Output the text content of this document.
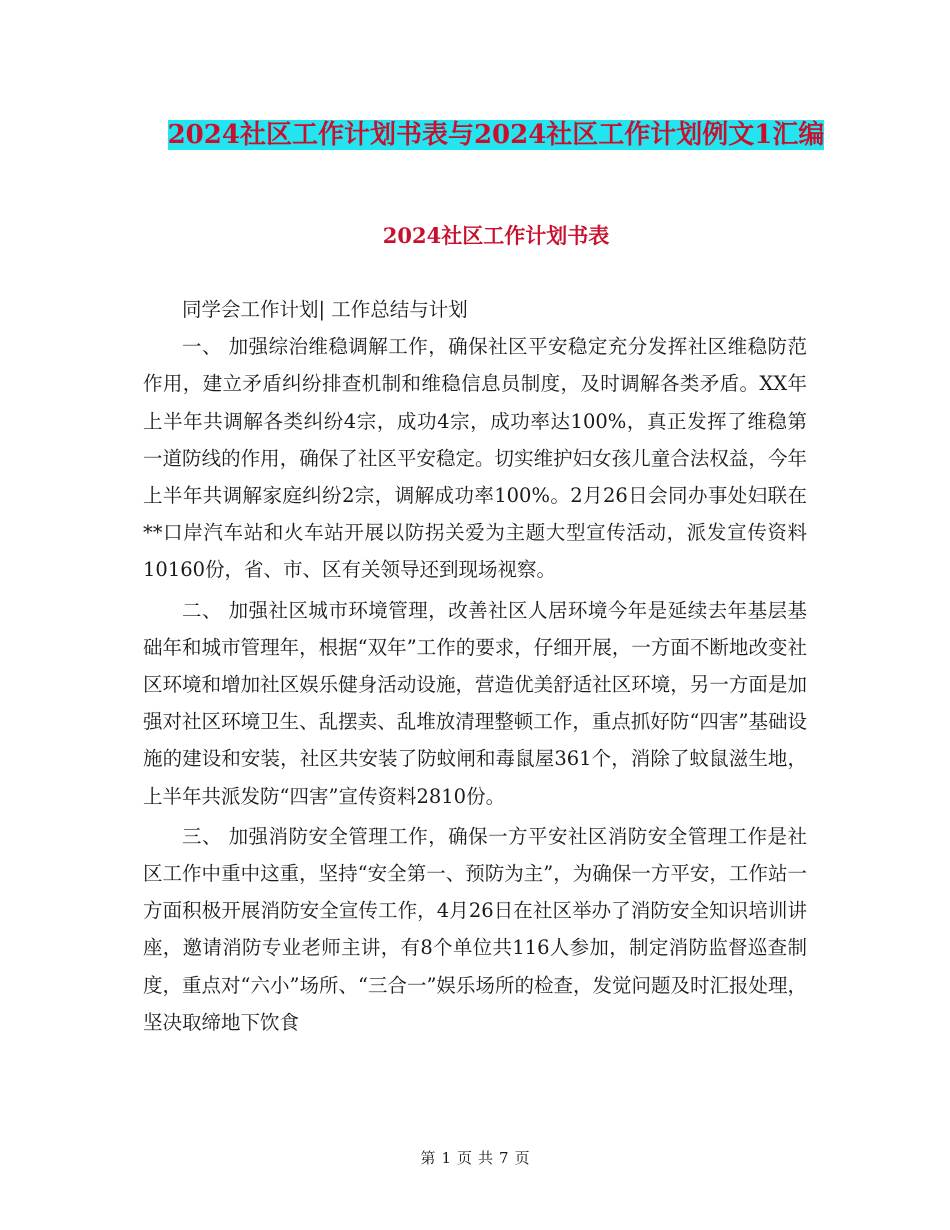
2024社区工作计划书表与2024社区工作计划例文1汇编
2024社区工作计划书表

同学会工作计划| 工作总结与计划

一、 加强综治维稳调解工作，确保社区平安稳定充分发挥社区维稳防范作用，建立矛盾纠纷排查机制和维稳信息员制度，及时调解各类矛盾。XX年上半年共调解各类纠纷4宗，成功4宗，成功率达100%，真正发挥了维稳第一道防线的作用，确保了社区平安稳定。切实维护妇女孩儿童合法权益，今年上半年共调解家庭纠纷2宗，调解成功率100%。2月26日会同办事处妇联在**口岸汽车站和火车站开展以防拐关爱为主题大型宣传活动，派发宣传资料10160份，省、市、区有关领导还到现场视察。

二、 加强社区城市环境管理，改善社区人居环境今年是延续去年基层基础年和城市管理年，根据“双年”工作的要求，仔细开展，一方面不断地改变社区环境和增加社区娱乐健身活动设施，营造优美舒适社区环境，另一方面是加强对社区环境卫生、乱摆卖、乱堆放清理整顿工作，重点抓好防“四害”基础设施的建设和安装，社区共安装了防蚊闸和毒鼠屋361个，消除了蚊鼠滋生地，上半年共派发防“四害”宣传资料2810份。

三、 加强消防安全管理工作，确保一方平安社区消防安全管理工作是社区工作中重中这重，坚持“安全第一、预防为主”，为确保一方平安，工作站一方面积极开展消防安全宣传工作，4月26日在社区举办了消防安全知识培训讲座，邀请消防专业老师主讲，有8个单位共116人参加，制定消防监督巡查制度，重点对“六小”场所、“三合一”娱乐场所的检查，发觉问题及时汇报处理，坚决取缔地下饮食

第 1 页 共 7 页
